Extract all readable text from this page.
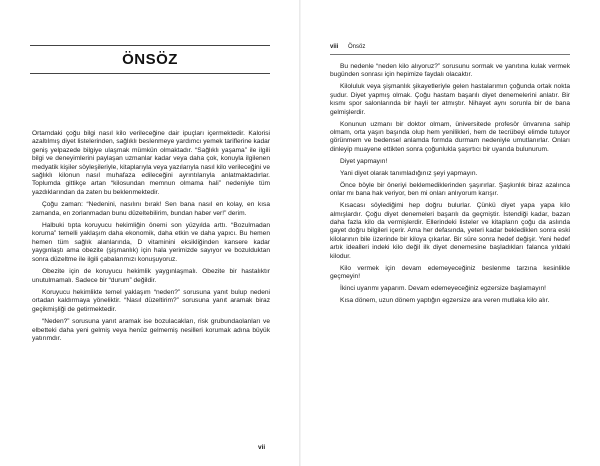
ÖNSÖZ

Ortamdaki çoğu bilgi nasıl kilo verileceğine dair ipuçları içermektedir. Kalorisi azaltılmış diyet listelerinden, sağlıklı beslenmeye yardımcı yemek tariflerine kadar geniş yelpazede bilgiye ulaşmak mümkün olmaktadır. “Sağlıklı yaşama” ile ilgili bilgi ve deneyimlerini paylaşan uzmanlar kadar veya daha çok, konuyla ilgilenen medyatik kişiler söyleşileriyle, kitaplarıyla veya yazılarıyla nasıl kilo verileceğini ve sağlıklı kilonun nasıl muhafaza edileceğini ayrıntılarıyla anlatmaktadırlar. Toplumda gittikçe artan “kilosundan memnun olmama hali” nedeniyle tüm yazdıklarından da zaten bu beklenmektedir.

Çoğu zaman: “Nedenini, nasılını bırak! Sen bana nasıl en kolay, en kısa zamanda, en zorlanmadan bunu düzeltebilirim, bundan haber ver!” derim.

Halbuki tıpta koruyucu hekimliğin önemi son yüzyılda arttı. “Bozulmadan koruma” temelli yaklaşım daha ekonomik, daha etkin ve daha yapıcı. Bu hemen hemen tüm sağlık alanlarında, D vitaminini eksikliğinden kansere kadar yaygınlaştı ama obezite (şişmanlık) için hala yerimizde sayıyor ve bozulduktan sonra düzeltme ile ilgili çabalarımızı konuşuyoruz.

Obezite için de koruyucu hekimlik yaygınlaşmalı. Obezite bir hastalıktır unutulmamalı. Sadece bir “durum” değildir.

Koruyucu hekimlikte temel yaklaşım “neden?” sorusuna yanıt bulup nedeni ortadan kaldırmaya yöneliktir. “Nasıl düzeltirim?” sorusuna yanıt aramak biraz geçikmişliği de getirmektedir.

“Neden?” sorusuna yanıt aramak ise bozulacakları, risk grubundaolanları ve elbetteki daha yeni gelmiş veya henüz gelmemiş nesilleri korumak adına büyük yatırımdır.

vii
viii Önsöz

Bu nedenle “neden kilo alıyoruz?” sorusunu sormak ve yanıtına kulak vermek bugünden sonrası için hepimize faydalı olacaktır.

Kiloluluk veya şişmanlık şikayetleriyle gelen hastalarımın çoğunda ortak nokta şudur. Diyet yapmış olmak. Çoğu hastam başarılı diyet denemelerini anlatır. Bir kısmı spor salonlarında bir hayli ter atmıştır. Nihayet aynı sorunla bir de bana gelmişlerdir.

Konunun uzmanı bir doktor olmam, üniversitede profesör ünvanına sahip olmam, orta yaşın başında olup hem yenilikleri, hem de tecrübeyi elimde tutuyor görünmem ve bedensel anlamda formda durmam nedeniyle umutlanırlar. Onları dinleyip muayene ettikten sonra çoğunlukla şaşırtıcı bir uyarıda bulunurum.

Diyet yapmayın!

Yani diyet olarak tanımladığınız şeyi yapmayın.

Önce böyle bir öneriyi beklemediklerinden şaşırırlar. Şaşkınlık biraz azalınca onlar mı bana hak veriyor, ben mi onları anlıyorum karışır.

Kısacası söylediğimi hep doğru bulurlar. Çünkü diyet yapa yapa kilo almışlardır. Çoğu diyet denemeleri başarılı da geçmiştir. İstendiği kadar, bazan daha fazla kilo da vermişlerdir. Ellerindeki listeler ve kitapların çoğu da aslında gayet doğru bilgileri içerir. Ama her defasında, yeteri kadar beklediklen sonra eski kilolarının bile üzerinde bir kiloya çıkarlar. Bir süre sonra hedef değişir. Yeni hedef artık idealleri indeki kilo değil ilk diyet denemesine başladıkları falanca yıldaki kilodur.

Kilo vermek için devam edemeyeceğiniz beslenme tarzına kesinlikle geçmeyin!

İkinci uyarımı yaparım. Devam edemeyeceğiniz egzersize başlamayın!

Kısa dönem, uzun dönem yaptığın egzersize ara veren mutlaka kilo alır.
